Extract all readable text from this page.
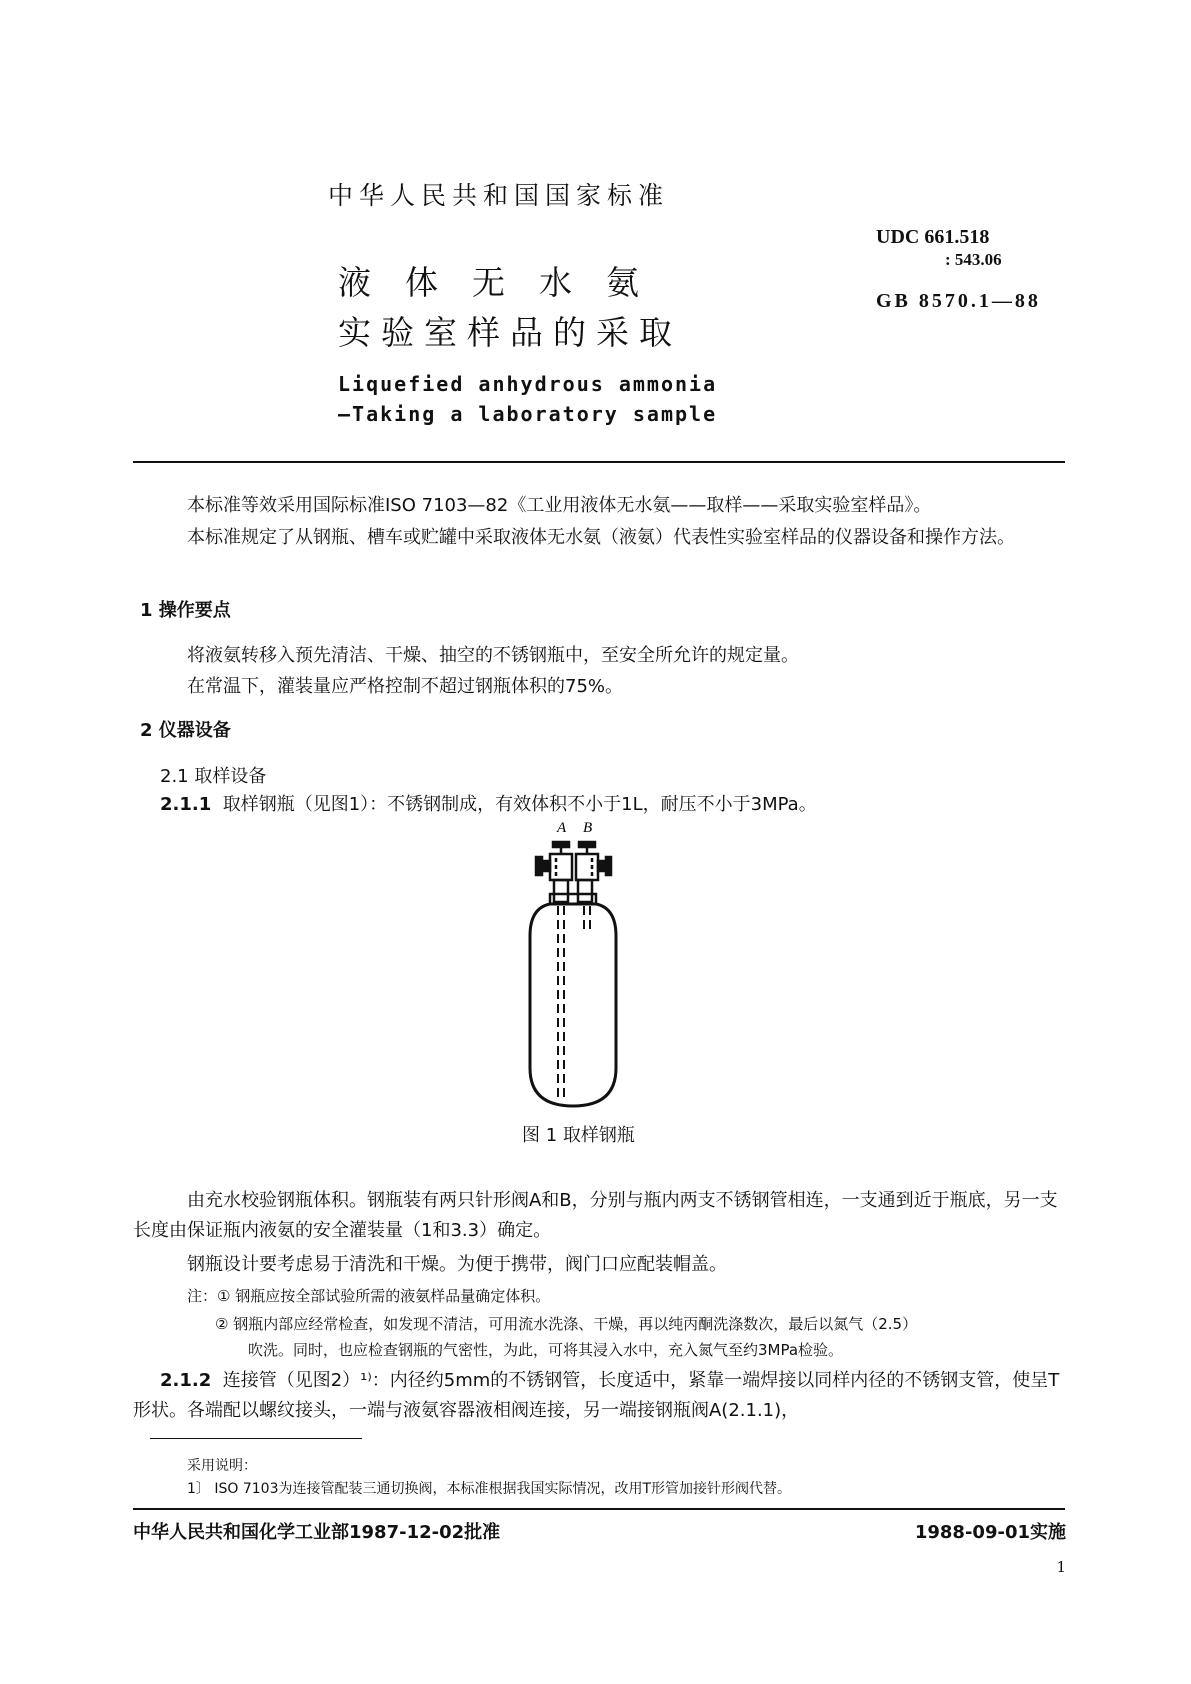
中华人民共和国国家标准
液体无水氨
实验室样品的采取
Liquefied anhydrous ammonia
—Taking a laboratory sample
UDC 661.518
: 543.06
GB 8570.1—88
本标准等效采用国际标准ISO 7103—82《工业用液体无水氨——取样——采取实验室样品》。
本标准规定了从钢瓶、槽车或贮罐中采取液体无水氨（液氨）代表性实验室样品的仪器设备和操作方法。
1 操作要点
将液氨转移入预先清洁、干燥、抽空的不锈钢瓶中，至安全所允许的规定量。
在常温下，灌装量应严格控制不超过钢瓶体积的75%。
2 仪器设备
2.1 取样设备
2.1.1 取样钢瓶（见图1）：不锈钢制成，有效体积不小于1L，耐压不小于3MPa。
A B
图 1 取样钢瓶
由充水校验钢瓶体积。钢瓶装有两只针形阀A和B，分别与瓶内两支不锈钢管相连，一支通到近于瓶底，另一支长度由保证瓶内液氨的安全灌装量（1和3.3）确定。
钢瓶设计要考虑易于清洗和干燥。为便于携带，阀门口应配装帽盖。
注：① 钢瓶应按全部试验所需的液氨样品量确定体积。
② 钢瓶内部应经常检查，如发现不清洁，可用流水洗涤、干燥，再以纯丙酮洗涤数次，最后以氮气（2.5）
吹洗。同时，也应检查钢瓶的气密性，为此，可将其浸入水中，充入氮气至约3MPa检验。
2.1.2 连接管（见图2）¹⁾：内径约5mm的不锈钢管，长度适中，紧靠一端焊接以同样内径的不锈钢支管，使呈T形状。各端配以螺纹接头，一端与液氨容器液相阀连接，另一端接钢瓶阀A(2.1.1)，
采用说明：
1〕 ISO 7103为连接管配装三通切换阀，本标准根据我国实际情况，改用T形管加接针形阀代替。
中华人民共和国化学工业部1987-12-02批准	1988-09-01实施
1
